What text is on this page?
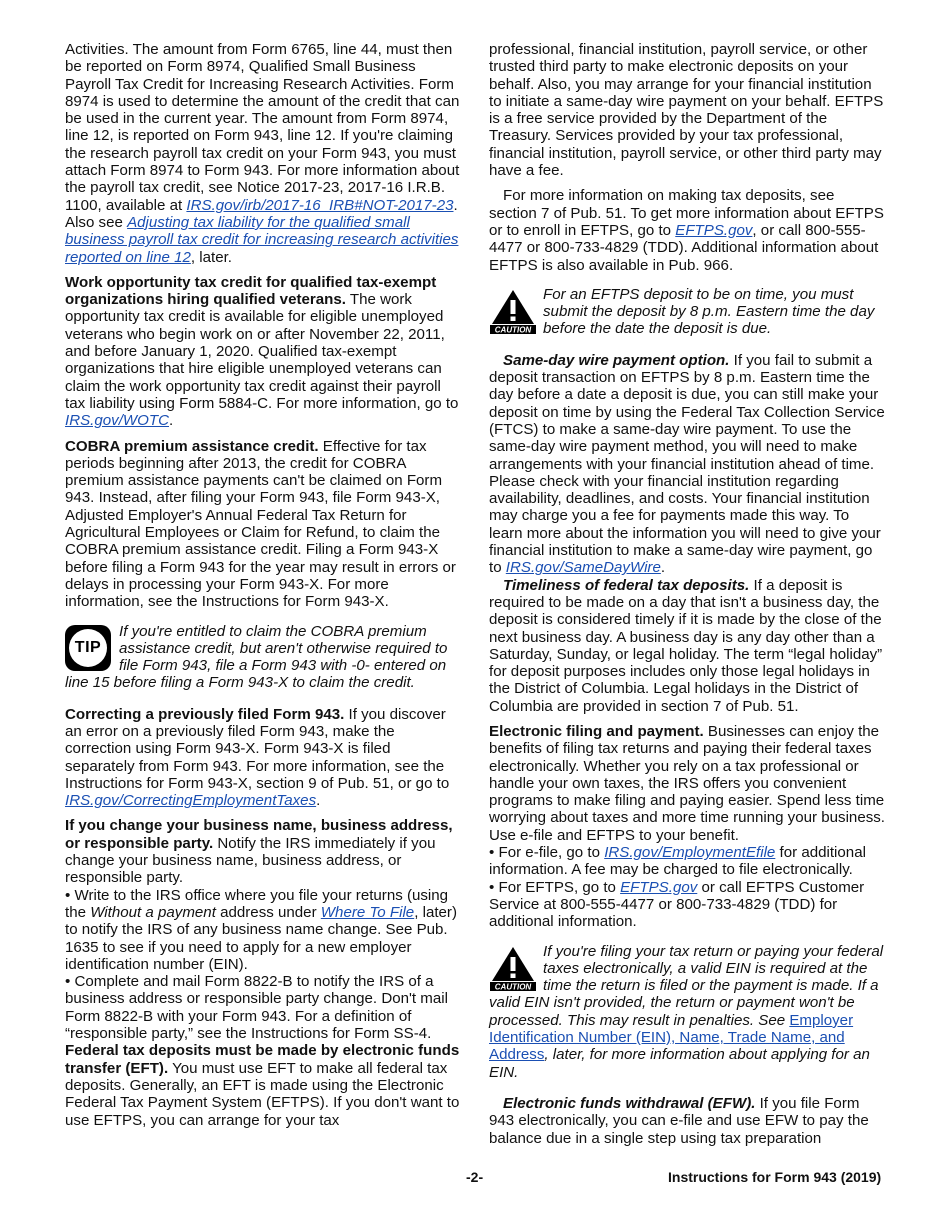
Activities. The amount from Form 6765, line 44, must then be reported on Form 8974, Qualified Small Business Payroll Tax Credit for Increasing Research Activities. Form 8974 is used to determine the amount of the credit that can be used in the current year. The amount from Form 8974, line 12, is reported on Form 943, line 12. If you're claiming the research payroll tax credit on your Form 943, you must attach Form 8974 to Form 943. For more information about the payroll tax credit, see Notice 2017-23, 2017-16 I.R.B. 1100, available at IRS.gov/irb/2017-16_IRB#NOT-2017-23. Also see Adjusting tax liability for the qualified small business payroll tax credit for increasing research activities reported on line 12, later.

Work opportunity tax credit for qualified tax-exempt organizations hiring qualified veterans. The work opportunity tax credit is available for eligible unemployed veterans who begin work on or after November 22, 2011, and before January 1, 2020. Qualified tax-exempt organizations that hire eligible unemployed veterans can claim the work opportunity tax credit against their payroll tax liability using Form 5884-C. For more information, go to IRS.gov/WOTC.

COBRA premium assistance credit. Effective for tax periods beginning after 2013, the credit for COBRA premium assistance payments can't be claimed on Form 943. Instead, after filing your Form 943, file Form 943-X, Adjusted Employer's Annual Federal Tax Return for Agricultural Employees or Claim for Refund, to claim the COBRA premium assistance credit. Filing a Form 943-X before filing a Form 943 for the year may result in errors or delays in processing your Form 943-X. For more information, see the Instructions for Form 943-X.

TIP
If you're entitled to claim the COBRA premium assistance credit, but aren't otherwise required to file Form 943, file a Form 943 with -0- entered on line 15 before filing a Form 943-X to claim the credit.

Correcting a previously filed Form 943. If you discover an error on a previously filed Form 943, make the correction using Form 943-X. Form 943-X is filed separately from Form 943. For more information, see the Instructions for Form 943-X, section 9 of Pub. 51, or go to IRS.gov/CorrectingEmploymentTaxes.

If you change your business name, business address, or responsible party. Notify the IRS immediately if you change your business name, business address, or responsible party.

• Write to the IRS office where you file your returns (using the Without a payment address under Where To File, later) to notify the IRS of any business name change. See Pub. 1635 to see if you need to apply for a new employer identification number (EIN).

• Complete and mail Form 8822-B to notify the IRS of a business address or responsible party change. Don't mail Form 8822-B with your Form 943. For a definition of “responsible party,” see the Instructions for Form SS-4.

Federal tax deposits must be made by electronic funds transfer (EFT). You must use EFT to make all federal tax deposits. Generally, an EFT is made using the Electronic Federal Tax Payment System (EFTPS). If you don't want to use EFTPS, you can arrange for your tax

professional, financial institution, payroll service, or other trusted third party to make electronic deposits on your behalf. Also, you may arrange for your financial institution to initiate a same-day wire payment on your behalf. EFTPS is a free service provided by the Department of the Treasury. Services provided by your tax professional, financial institution, payroll service, or other third party may have a fee.

For more information on making tax deposits, see section 7 of Pub. 51. To get more information about EFTPS or to enroll in EFTPS, go to EFTPS.gov, or call 800-555-4477 or 800-733-4829 (TDD). Additional information about EFTPS is also available in Pub. 966.

CAUTION
For an EFTPS deposit to be on time, you must submit the deposit by 8 p.m. Eastern time the day before the date the deposit is due.

Same-day wire payment option. If you fail to submit a deposit transaction on EFTPS by 8 p.m. Eastern time the day before a date a deposit is due, you can still make your deposit on time by using the Federal Tax Collection Service (FTCS) to make a same-day wire payment. To use the same-day wire payment method, you will need to make arrangements with your financial institution ahead of time. Please check with your financial institution regarding availability, deadlines, and costs. Your financial institution may charge you a fee for payments made this way. To learn more about the information you will need to give your financial institution to make a same-day wire payment, go to IRS.gov/SameDayWire.

Timeliness of federal tax deposits. If a deposit is required to be made on a day that isn't a business day, the deposit is considered timely if it is made by the close of the next business day. A business day is any day other than a Saturday, Sunday, or legal holiday. The term “legal holiday” for deposit purposes includes only those legal holidays in the District of Columbia. Legal holidays in the District of Columbia are provided in section 7 of Pub. 51.

Electronic filing and payment. Businesses can enjoy the benefits of filing tax returns and paying their federal taxes electronically. Whether you rely on a tax professional or handle your own taxes, the IRS offers you convenient programs to make filing and paying easier. Spend less time worrying about taxes and more time running your business. Use e-file and EFTPS to your benefit.

• For e-file, go to IRS.gov/EmploymentEfile for additional information. A fee may be charged to file electronically.

• For EFTPS, go to EFTPS.gov or call EFTPS Customer Service at 800-555-4477 or 800-733-4829 (TDD) for additional information.

CAUTION
If you're filing your tax return or paying your federal taxes electronically, a valid EIN is required at the time the return is filed or the payment is made. If a valid EIN isn't provided, the return or payment won't be processed. This may result in penalties. See Employer Identification Number (EIN), Name, Trade Name, and Address, later, for more information about applying for an EIN.

Electronic funds withdrawal (EFW). If you file Form 943 electronically, you can e-file and use EFW to pay the balance due in a single step using tax preparation

-2-	Instructions for Form 943 (2019)
